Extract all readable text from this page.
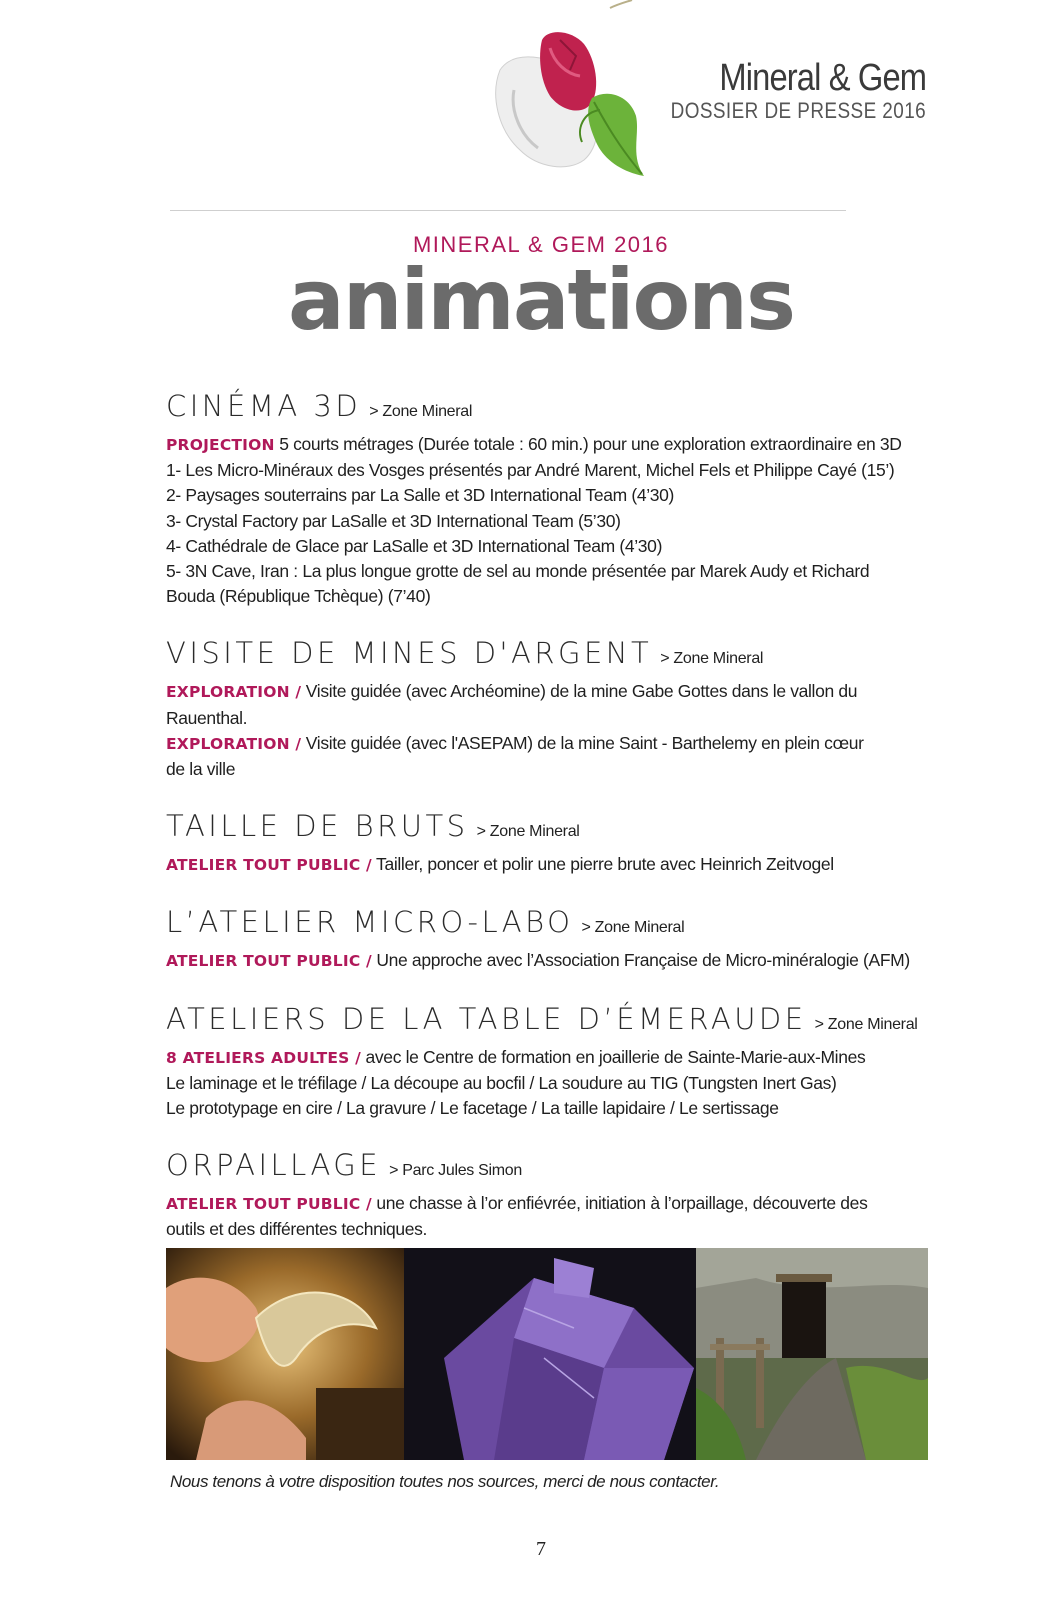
Mineral & Gem
DOSSIER DE PRESSE 2016
MINERAL & GEM 2016
animations
CINÉMA 3D > Zone Mineral
PROJECTION 5 courts métrages (Durée totale : 60 min.) pour une exploration extraordinaire en 3D
1- Les Micro-Minéraux des Vosges présentés par André Marent, Michel Fels et Philippe Cayé (15’)
2- Paysages souterrains par La Salle et 3D International Team (4’30)
3- Crystal Factory par LaSalle et 3D International Team (5’30)
4- Cathédrale de Glace par LaSalle et 3D International Team (4’30)
5- 3N Cave, Iran : La plus longue grotte de sel au monde présentée par Marek Audy et Richard
Bouda (République Tchèque) (7’40)
VISITE DE MINES D'ARGENT > Zone Mineral
EXPLORATION / Visite guidée (avec Archéomine) de la mine Gabe Gottes dans le vallon du
Rauenthal.
EXPLORATION / Visite guidée (avec l'ASEPAM) de la mine Saint - Barthelemy en plein cœur
de la ville
TAILLE DE BRUTS > Zone Mineral
ATELIER TOUT PUBLIC / Tailler, poncer et polir une pierre brute avec Heinrich Zeitvogel
L’ATELIER MICRO-LABO > Zone Mineral
ATELIER TOUT PUBLIC / Une approche avec l’Association Française de Micro-minéralogie (AFM)
ATELIERS DE LA TABLE D’ÉMERAUDE > Zone Mineral
8 ATELIERS ADULTES / avec le Centre de formation en joaillerie de Sainte-Marie-aux-Mines
Le laminage et le tréfilage / La découpe au bocfil / La soudure au TIG (Tungsten Inert Gas)
Le prototypage en cire / La gravure / Le facetage / La taille lapidaire / Le sertissage
ORPAILLAGE > Parc Jules Simon
ATELIER TOUT PUBLIC / une chasse à l’or enfiévrée, initiation à l’orpaillage, découverte des
outils et des différentes techniques.
Nous tenons à votre disposition toutes nos sources, merci de nous contacter.
7
